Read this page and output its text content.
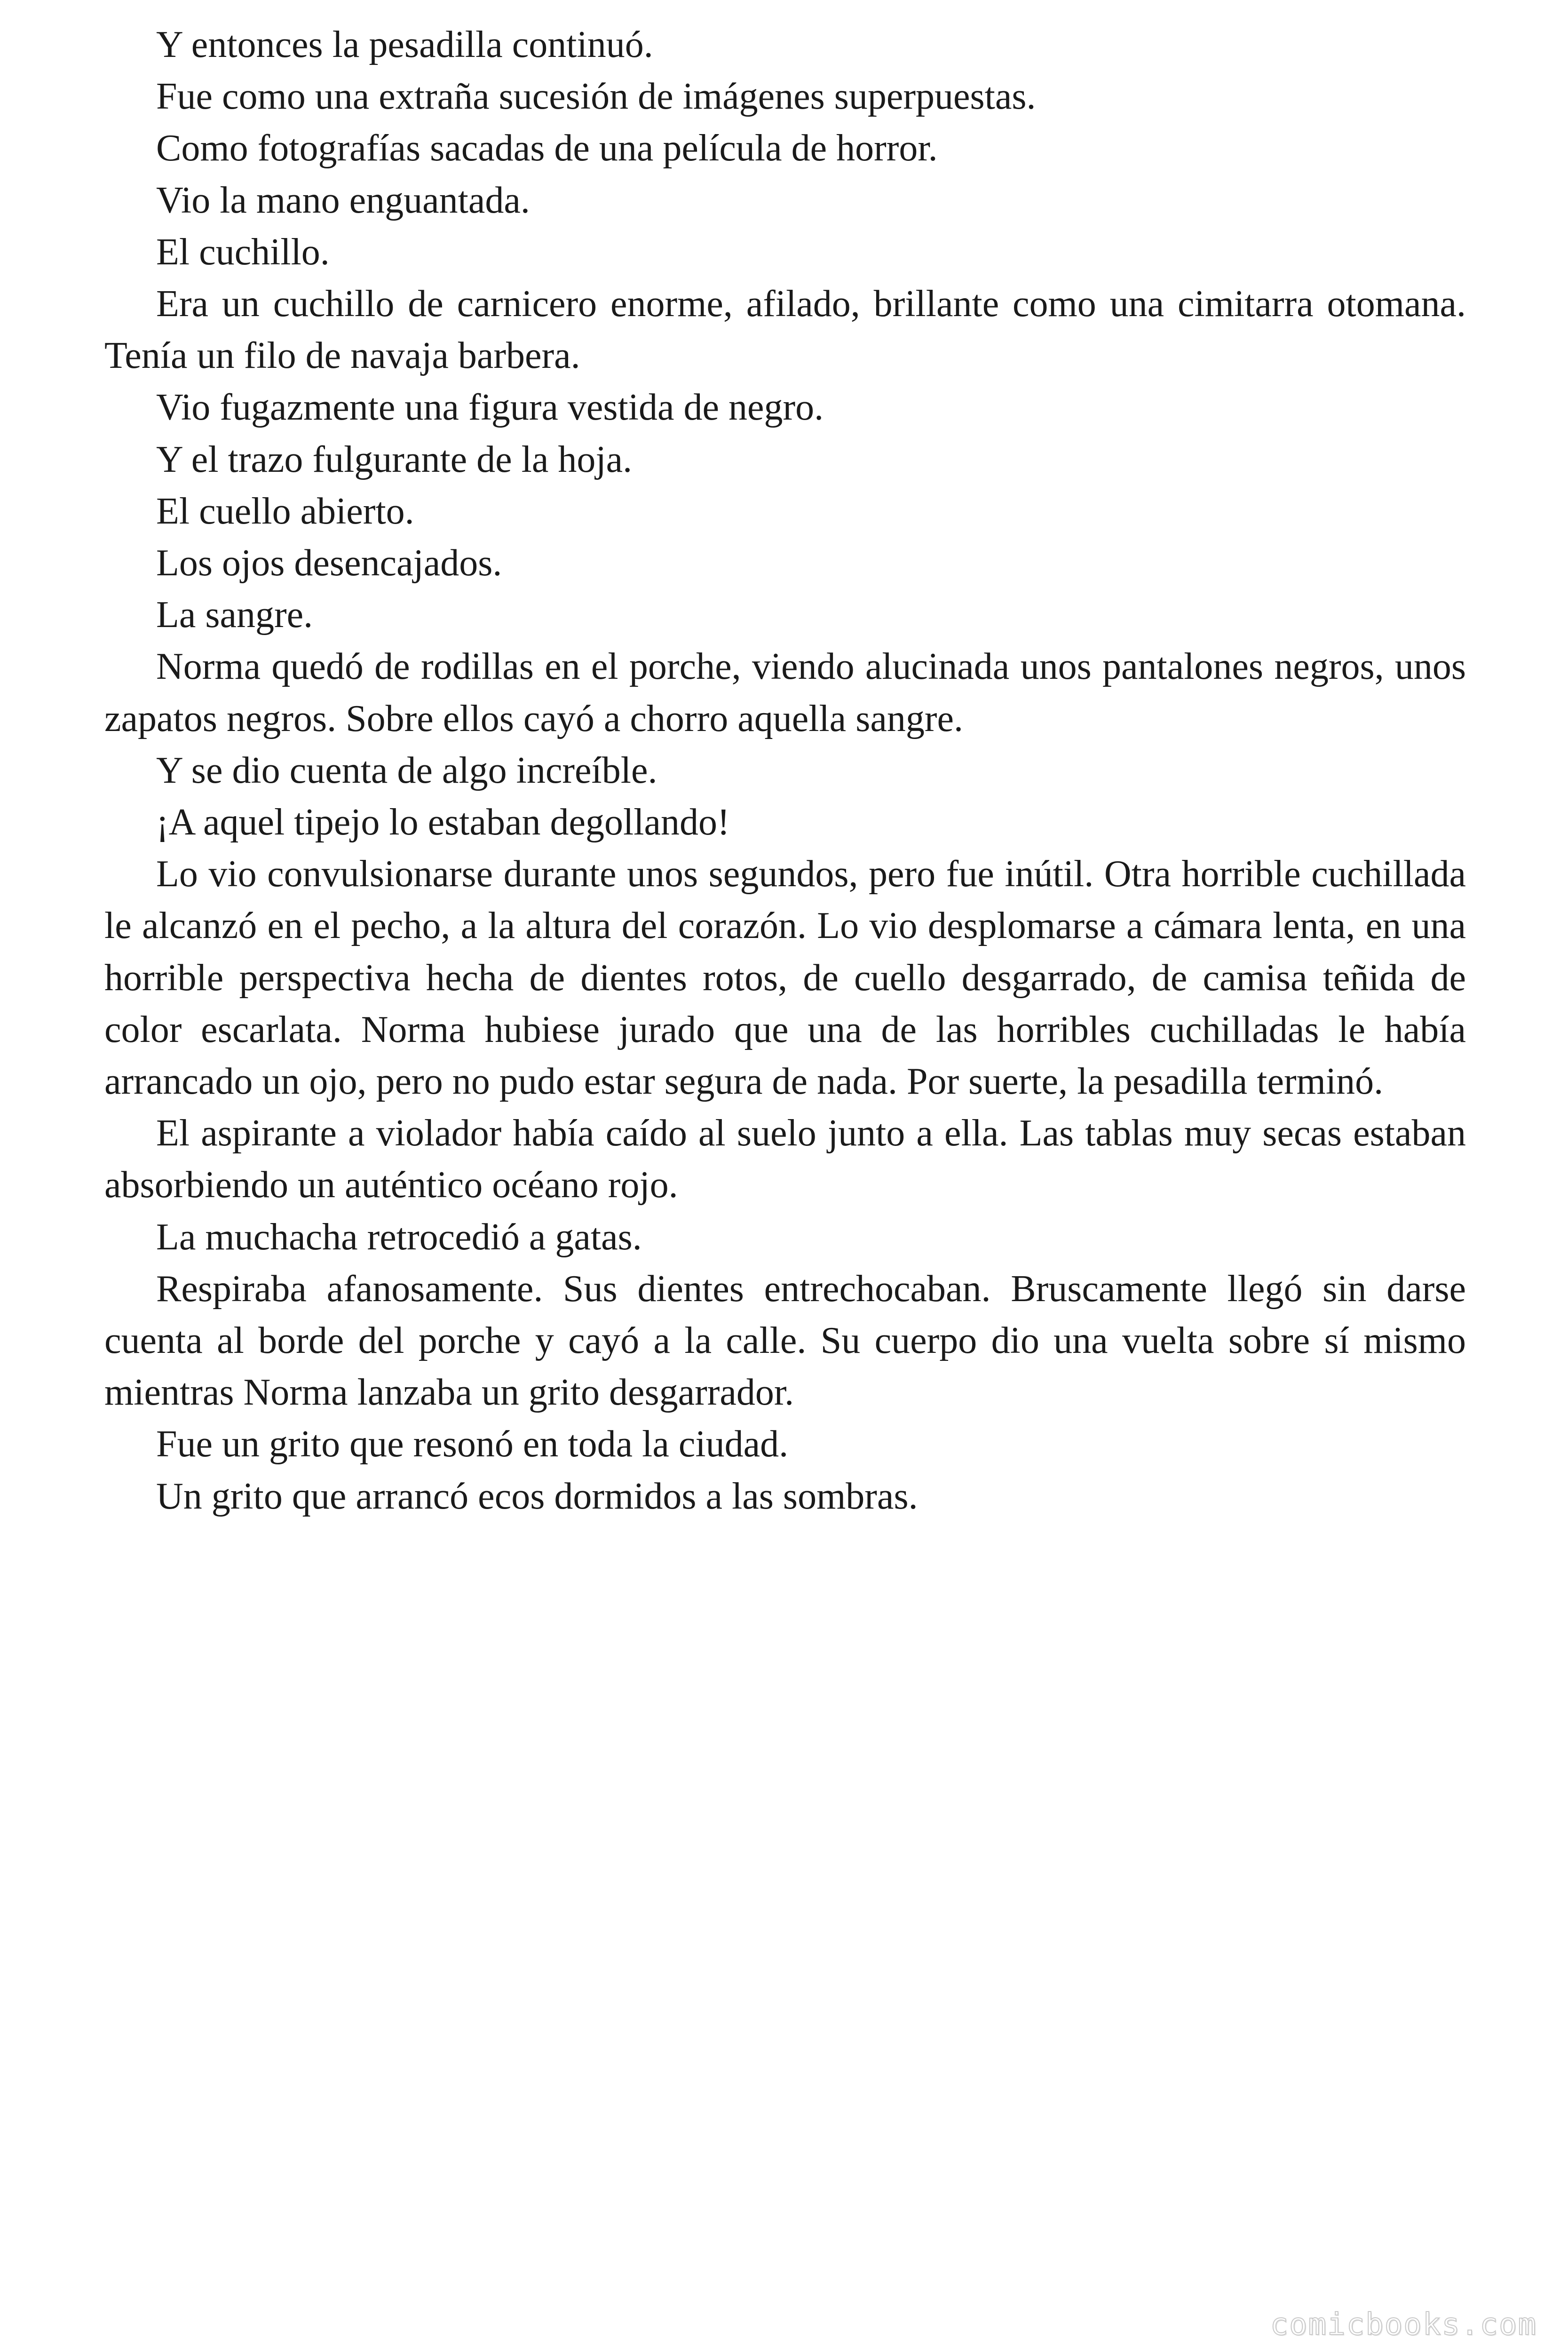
Y entonces la pesadilla continuó.

Fue como una extraña sucesión de imágenes superpuestas.

Como fotografías sacadas de una película de horror.

Vio la mano enguantada.

El cuchillo.

Era un cuchillo de carnicero enorme, afilado, brillante como una cimitarra otomana. Tenía un filo de navaja barbera.

Vio fugazmente una figura vestida de negro.

Y el trazo fulgurante de la hoja.

El cuello abierto.

Los ojos desencajados.

La sangre.

Norma quedó de rodillas en el porche, viendo alucinada unos pantalones negros, unos zapatos negros. Sobre ellos cayó a chorro aquella sangre.

Y se dio cuenta de algo increíble.

¡A aquel tipejo lo estaban degollando!

Lo vio convulsionarse durante unos segundos, pero fue inútil. Otra horrible cuchillada le alcanzó en el pecho, a la altura del corazón. Lo vio desplomarse a cámara lenta, en una horrible perspectiva hecha de dientes rotos, de cuello desgarrado, de camisa teñida de color escarlata. Norma hubiese jurado que una de las horribles cuchilladas le había arrancado un ojo, pero no pudo estar segura de nada. Por suerte, la pesadilla terminó.

El aspirante a violador había caído al suelo junto a ella. Las tablas muy secas estaban absorbiendo un auténtico océano rojo.

La muchacha retrocedió a gatas.

Respiraba afanosamente. Sus dientes entrechocaban. Bruscamente llegó sin darse cuenta al borde del porche y cayó a la calle. Su cuerpo dio una vuelta sobre sí mismo mientras Norma lanzaba un grito desgarrador.

Fue un grito que resonó en toda la ciudad.

Un grito que arrancó ecos dormidos a las sombras.

comicbooks.com
